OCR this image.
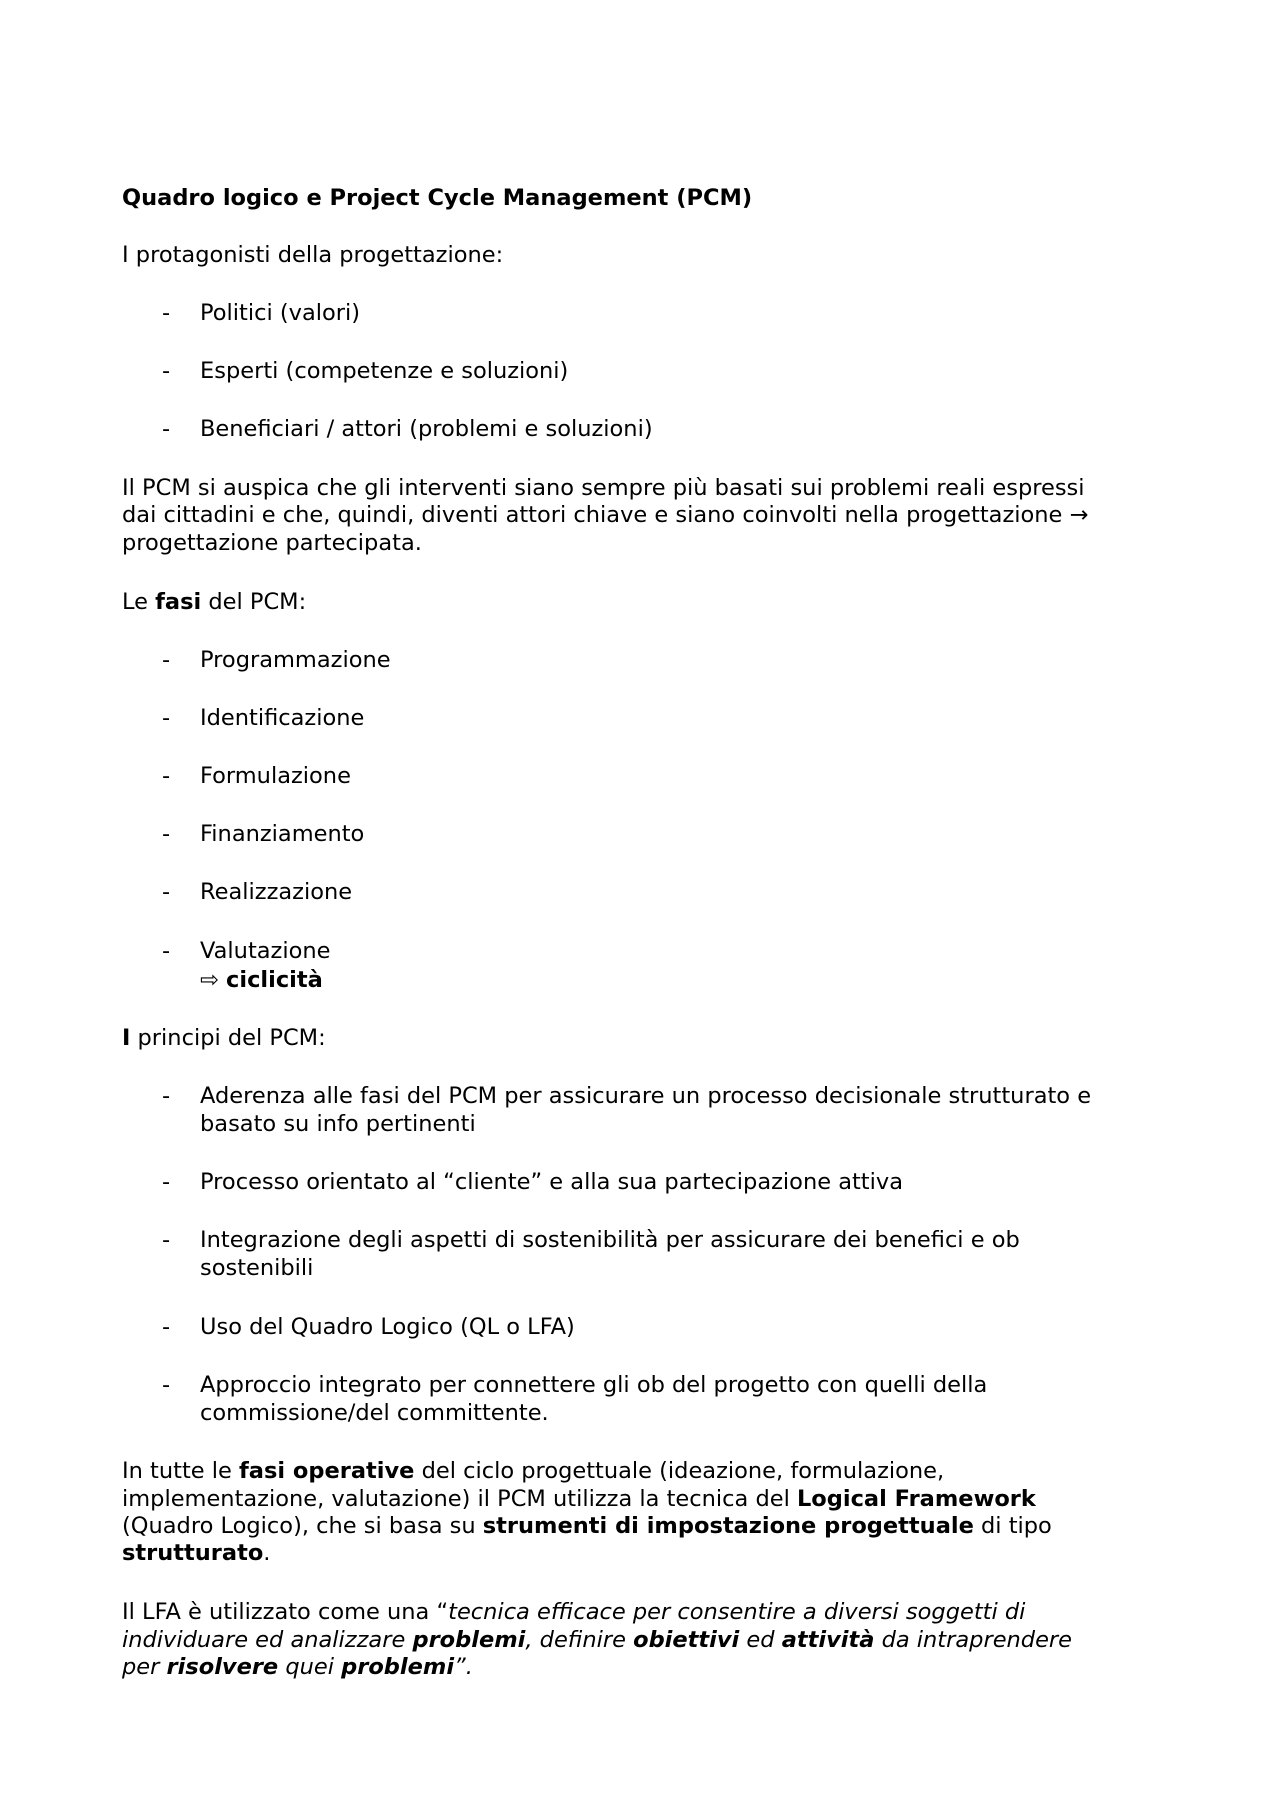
Quadro logico e Project Cycle Management (PCM)
I protagonisti della progettazione:
- Politici (valori)
- Esperti (competenze e soluzioni)
- Beneficiari / attori (problemi e soluzioni)
Il PCM si auspica che gli interventi siano sempre più basati sui problemi reali espressi
dai cittadini e che, quindi, diventi attori chiave e siano coinvolti nella progettazione →
progettazione partecipata.
Le fasi del PCM:
- Programmazione
- Identificazione
- Formulazione
- Finanziamento
- Realizzazione
- Valutazione
⇨ ciclicità
I principi del PCM:
- Aderenza alle fasi del PCM per assicurare un processo decisionale strutturato e
basato su info pertinenti
- Processo orientato al “cliente” e alla sua partecipazione attiva
- Integrazione degli aspetti di sostenibilità per assicurare dei benefici e ob
sostenibili
- Uso del Quadro Logico (QL o LFA)
- Approccio integrato per connettere gli ob del progetto con quelli della
commissione/del committente.
In tutte le fasi operative del ciclo progettuale (ideazione, formulazione,
implementazione, valutazione) il PCM utilizza la tecnica del Logical Framework
(Quadro Logico), che si basa su strumenti di impostazione progettuale di tipo
strutturato.
Il LFA è utilizzato come una “tecnica efficace per consentire a diversi soggetti di
individuare ed analizzare problemi, definire obiettivi ed attività da intraprendere
per risolvere quei problemi”.
